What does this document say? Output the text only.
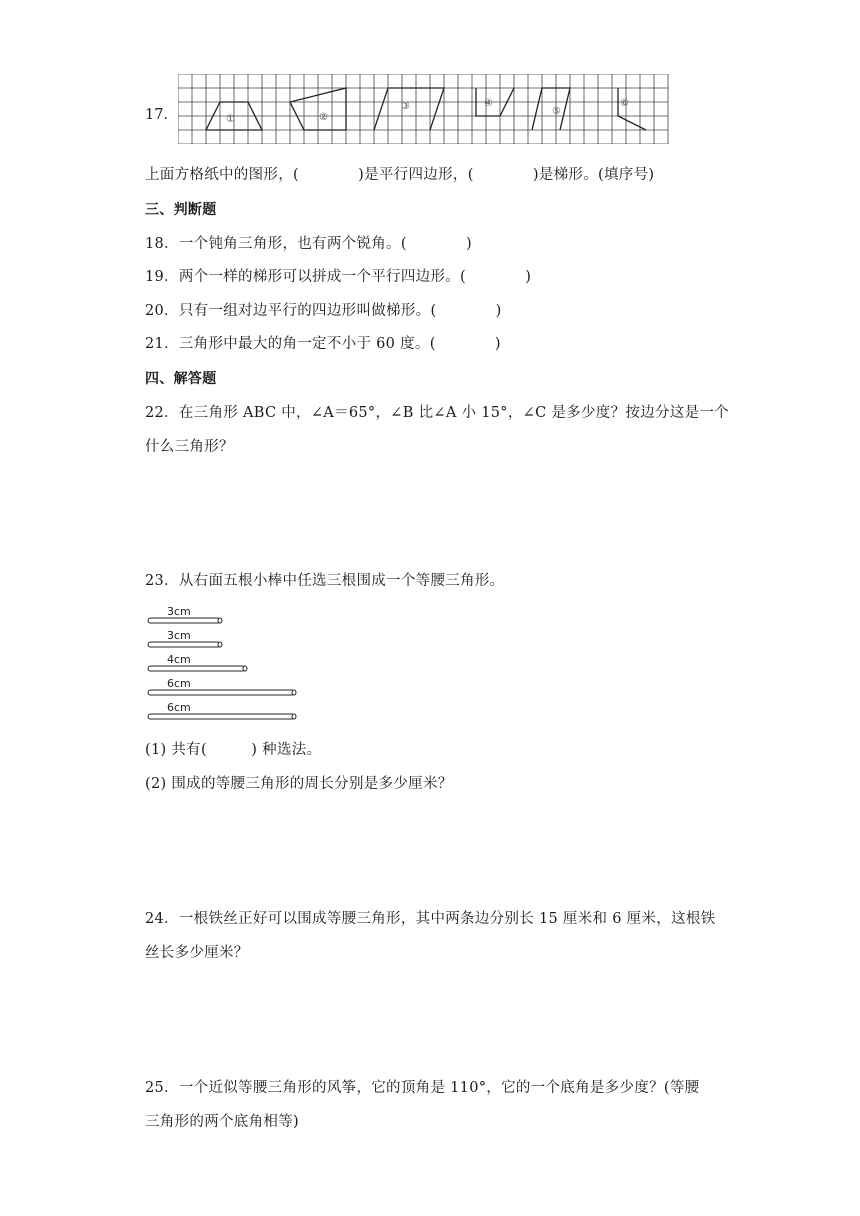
17．	①	②
③	④
⑤
⑥
上面方格纸中的图形，(　　　　)是平行四边形，(　　　　)是梯形。(填序号)
三、判断题
18．一个钝角三角形，也有两个锐角。(　　　　)
19．两个一样的梯形可以拼成一个平行四边形。(　　　　)
20．只有一组对边平行的四边形叫做梯形。(　　　　)
21．三角形中最大的角一定不小于 60 度。(　　　　)
四、解答题
22．在三角形 ABC 中，∠A＝65°，∠B 比∠A 小 15°，∠C 是多少度？按边分这是一个
什么三角形？
23．从右面五根小棒中任选三根围成一个等腰三角形。
3cm
3cm
4cm
6cm
6cm
(1) 共有(　　　) 种选法。
(2) 围成的等腰三角形的周长分别是多少厘米？
24．一根铁丝正好可以围成等腰三角形，其中两条边分别长 15 厘米和 6 厘米，这根铁
丝长多少厘米？
25．一个近似等腰三角形的风筝，它的顶角是 110°，它的一个底角是多少度？(等腰
三角形的两个底角相等)
